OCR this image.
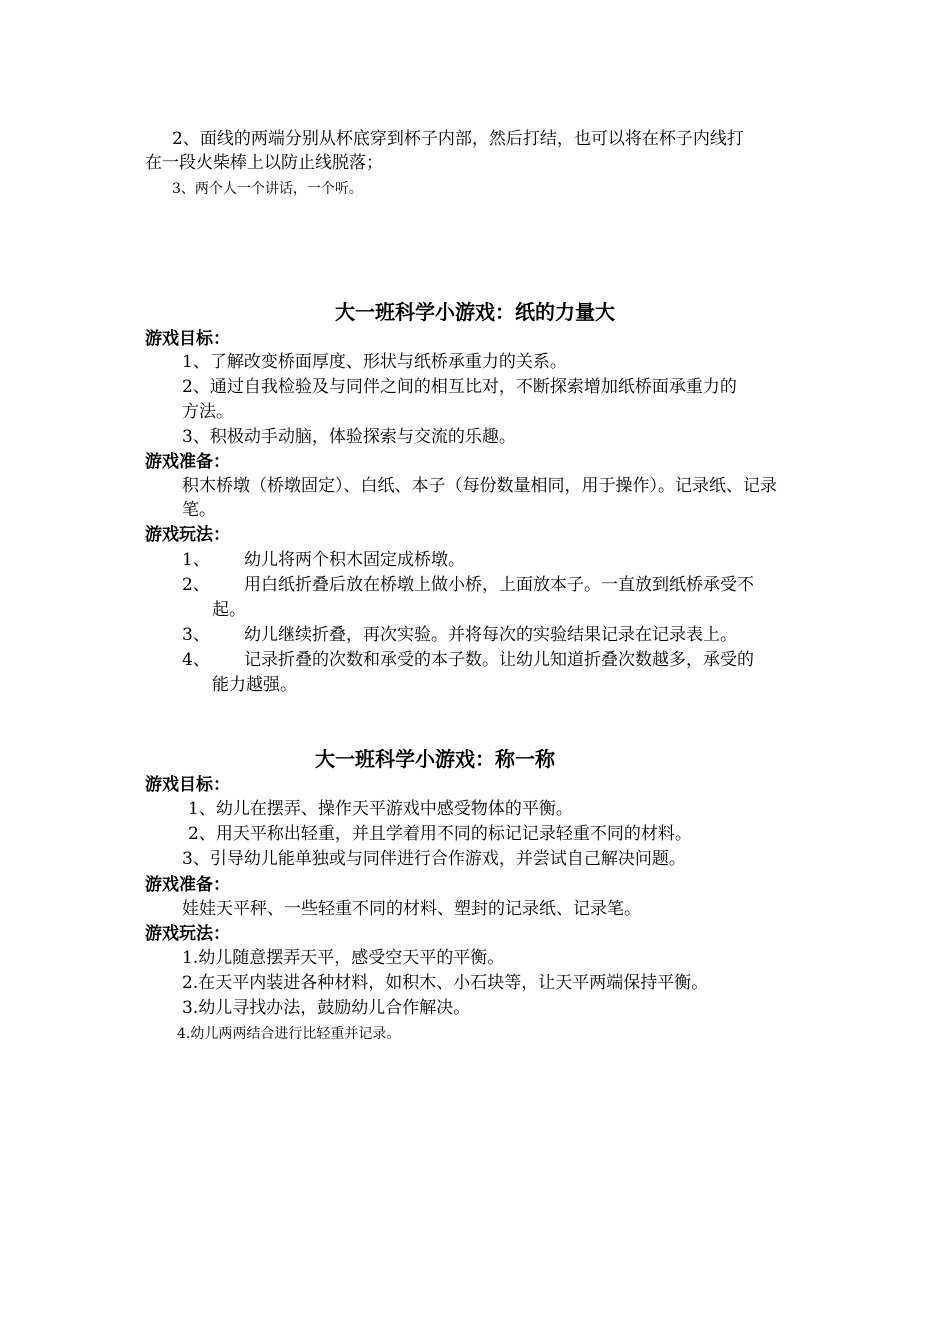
2、面线的两端分别从杯底穿到杯子内部，然后打结，也可以将在杯子内线打
在一段火柴棒上以防止线脱落；
3、两个人一个讲话，一个听。
大一班科学小游戏：纸的力量大
游戏目标：
1、了解改变桥面厚度、形状与纸桥承重力的关系。
2、通过自我检验及与同伴之间的相互比对，不断探索增加纸桥面承重力的
方法。
3、积极动手动脑，体验探索与交流的乐趣。
游戏准备：
积木桥墩（桥墩固定）、白纸、本子（每份数量相同，用于操作）。记录纸、记录
笔。
游戏玩法：
1、 幼儿将两个积木固定成桥墩。
2、 用白纸折叠后放在桥墩上做小桥，上面放本子。一直放到纸桥承受不
起。
3、 幼儿继续折叠，再次实验。并将每次的实验结果记录在记录表上。
4、 记录折叠的次数和承受的本子数。让幼儿知道折叠次数越多，承受的
能力越强。
大一班科学小游戏：称一称
游戏目标：
1、幼儿在摆弄、操作天平游戏中感受物体的平衡。
2、用天平称出轻重，并且学着用不同的标记记录轻重不同的材料。
3、引导幼儿能单独或与同伴进行合作游戏，并尝试自己解决问题。
游戏准备：
娃娃天平秤、一些轻重不同的材料、塑封的记录纸、记录笔。
游戏玩法：
1.幼儿随意摆弄天平，感受空天平的平衡。
2.在天平内装进各种材料，如积木、小石块等，让天平两端保持平衡。
3.幼儿寻找办法，鼓励幼儿合作解决。
4.幼儿两两结合进行比轻重并记录。
